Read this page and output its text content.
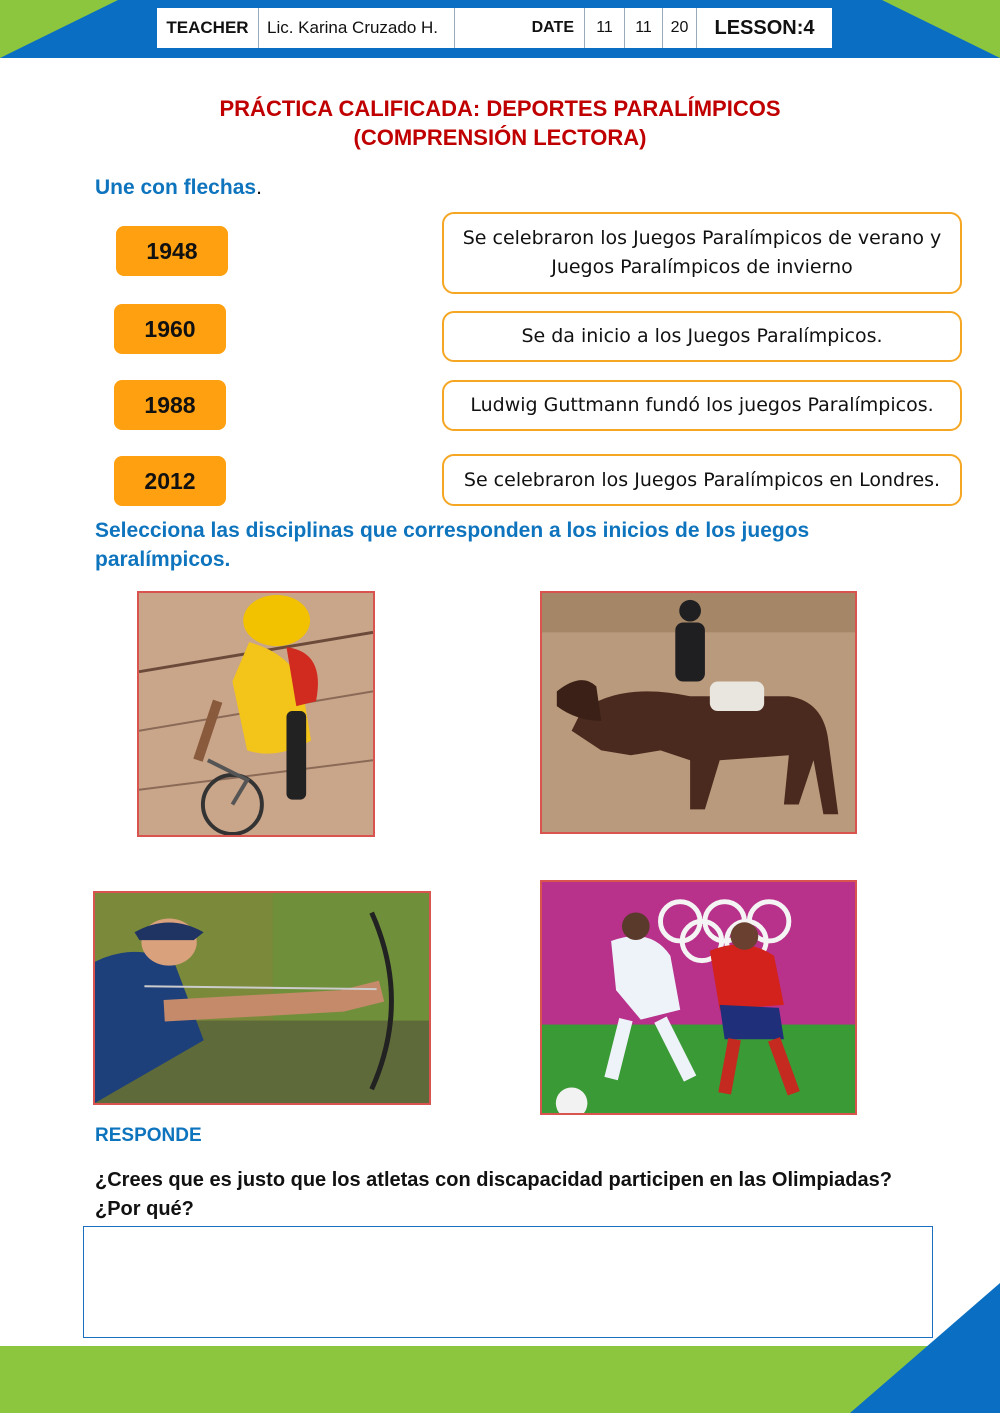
TEACHER	Lic. Karina Cruzado H.	DATE	11	11	20	LESSON:4
PRÁCTICA CALIFICADA: DEPORTES PARALÍMPICOS
(COMPRENSIÓN LECTORA)
Une con flechas.
1948
1960
1988
2012
Se celebraron los Juegos Paralímpicos de verano y Juegos Paralímpicos de invierno
Se da inicio a los Juegos Paralímpicos.
Ludwig Guttmann fundó los juegos Paralímpicos.
Se celebraron los Juegos Paralímpicos en Londres.
Selecciona las disciplinas que corresponden a los inicios de los juegos paralímpicos.
RESPONDE
¿Crees que es justo que los atletas con discapacidad participen en las Olimpiadas? ¿Por qué?
